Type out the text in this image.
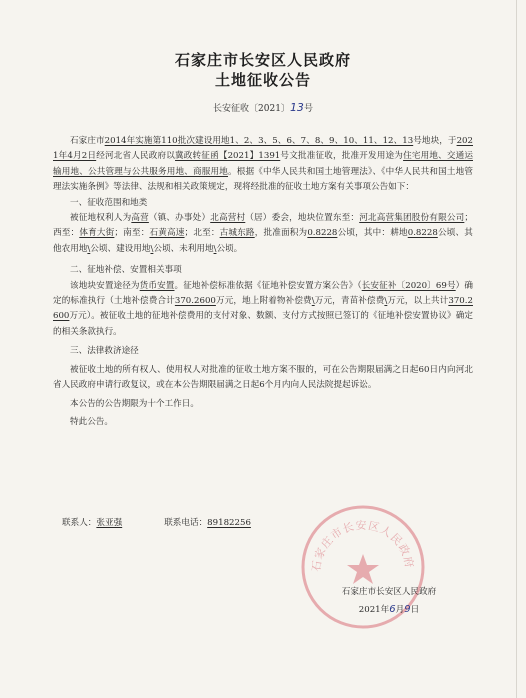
石家庄市长安区人民政府
土地征收公告
长安征收〔2021〕13号

石家庄市2014年实施第110批次建设用地1、2、3、5、6、7、8、9、10、11、12、13号地块，于2021年4月2日经河北省人民政府以冀政转征函【2021】1391号文批准征收，批准开发用途为住宅用地、交通运输用地、公共管理与公共服务用地、商服用地。根据《中华人民共和国土地管理法》、《中华人民共和国土地管理法实施条例》等法律、法规和相关政策规定，现将经批准的征收土地方案有关事项公告如下：

一、征收范围和地类

被征地权利人为高营（镇、办事处）北高营村（居）委会，地块位置东至：河北高营集团股份有限公司；西至：体育大街；南至：石黄高速；北至：古城东路，批准面积为0.8228公顷，其中：耕地0.8228公顷、其他农用地\公顷、建设用地\公顷、未利用地\公顷。

二、征地补偿、安置相关事项

该地块安置途径为货币安置。征地补偿标准依据《征地补偿安置方案公告》（长安征补〔2020〕69号）确定的标准执行（土地补偿费合计370.2600万元，地上附着物补偿费\万元，青苗补偿费\万元，以上共计370.2600万元）。被征收土地的征地补偿费用的支付对象、数额、支付方式按照已签订的《征地补偿安置协议》确定的相关条款执行。

三、法律救济途径

被征收土地的所有权人、使用权人对批准的征收土地方案不服的，可在公告期限届满之日起60日内向河北省人民政府申请行政复议，或在本公告期限届满之日起6个月内向人民法院提起诉讼。

本公告的公告期限为十个工作日。

特此公告。

石家庄市长安区人民政府
联系人：张亚强	联系电话：89182256
石家庄市长安区人民政府
2021年6月9日
